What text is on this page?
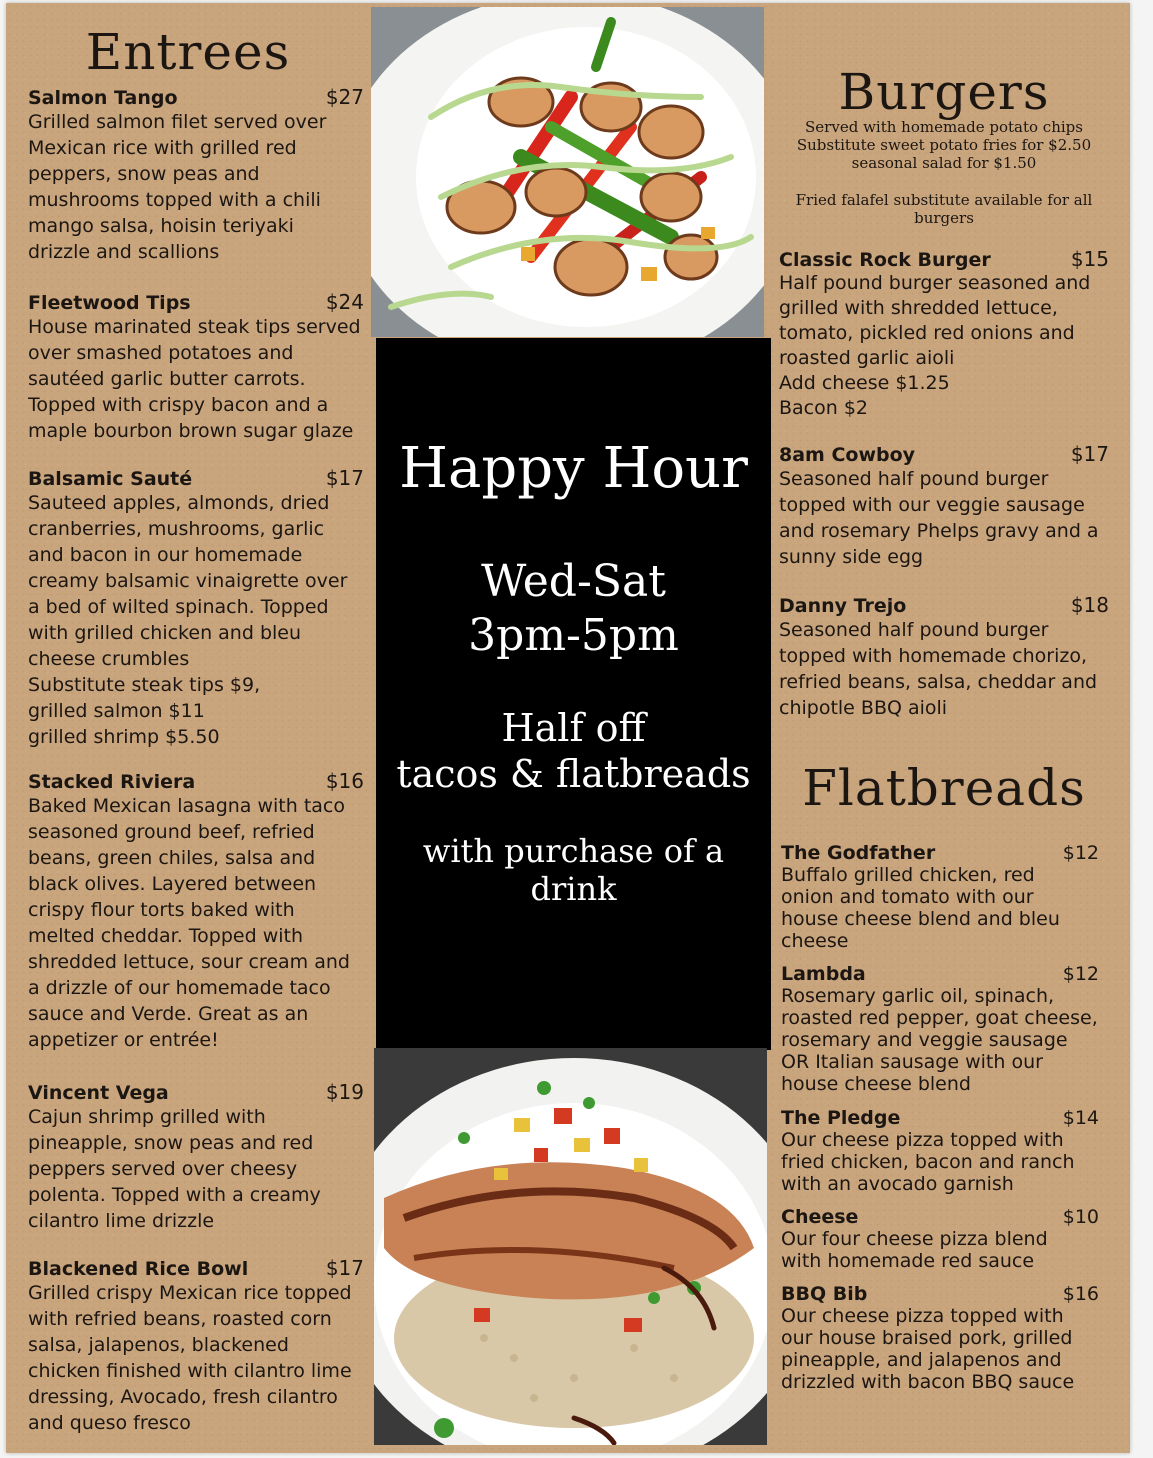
Entrees
Salmon Tango	$27

Grilled salmon filet served over
Mexican rice with grilled red
peppers, snow peas and
mushrooms topped with a chili
mango salsa, hoisin teriyaki
drizzle and scallions

Fleetwood Tips	$24

House marinated steak tips served
over smashed potatoes and
sautéed garlic butter carrots.
Topped with crispy bacon and a
maple bourbon brown sugar glaze

Balsamic Sauté	$17

Sauteed apples, almonds, dried
cranberries, mushrooms, garlic
and bacon in our homemade
creamy balsamic vinaigrette over
a bed of wilted spinach. Topped
with grilled chicken and bleu
cheese crumbles
Substitute steak tips $9,
grilled salmon $11
grilled shrimp $5.50

Stacked Riviera	$16

Baked Mexican lasagna with taco
seasoned ground beef, refried
beans, green chiles, salsa and
black olives. Layered between
crispy flour torts baked with
melted cheddar. Topped with
shredded lettuce, sour cream and
a drizzle of our homemade taco
sauce and Verde. Great as an
appetizer or entrée!

Vincent Vega	$19

Cajun shrimp grilled with
pineapple, snow peas and red
peppers served over cheesy
polenta. Topped with a creamy
cilantro lime drizzle

Blackened Rice Bowl	$17

Grilled crispy Mexican rice topped
with refried beans, roasted corn
salsa, jalapenos, blackened
chicken finished with cilantro lime
dressing, Avocado, fresh cilantro
and queso fresco

Happy Hour
Wed-Sat
3pm-5pm
Half off
tacos & flatbreads
with purchase of a drink
Burgers

Served with homemade potato chips
Substitute sweet potato fries for $2.50
seasonal salad for $1.50

Fried falafel substitute available for all
burgers

Classic Rock Burger	$15

Half pound burger seasoned and
grilled with shredded lettuce,
tomato, pickled red onions and
roasted garlic aioli
Add cheese $1.25
Bacon $2

8am Cowboy	$17

Seasoned half pound burger
topped with our veggie sausage
and rosemary Phelps gravy and a
sunny side egg

Danny Trejo	$18

Seasoned half pound burger
topped with homemade chorizo,
refried beans, salsa, cheddar and
chipotle BBQ aioli

Flatbreads
The Godfather	$12

Buffalo grilled chicken, red
onion and tomato with our
house cheese blend and bleu
cheese

Lambda	$12

Rosemary garlic oil, spinach,
roasted red pepper, goat cheese,
rosemary and veggie sausage
OR Italian sausage with our
house cheese blend

The Pledge	$14

Our cheese pizza topped with
fried chicken, bacon and ranch
with an avocado garnish

Cheese	$10

Our four cheese pizza blend
with homemade red sauce

BBQ Bib	$16

Our cheese pizza topped with
our house braised pork, grilled
pineapple, and jalapenos and
drizzled with bacon BBQ sauce
